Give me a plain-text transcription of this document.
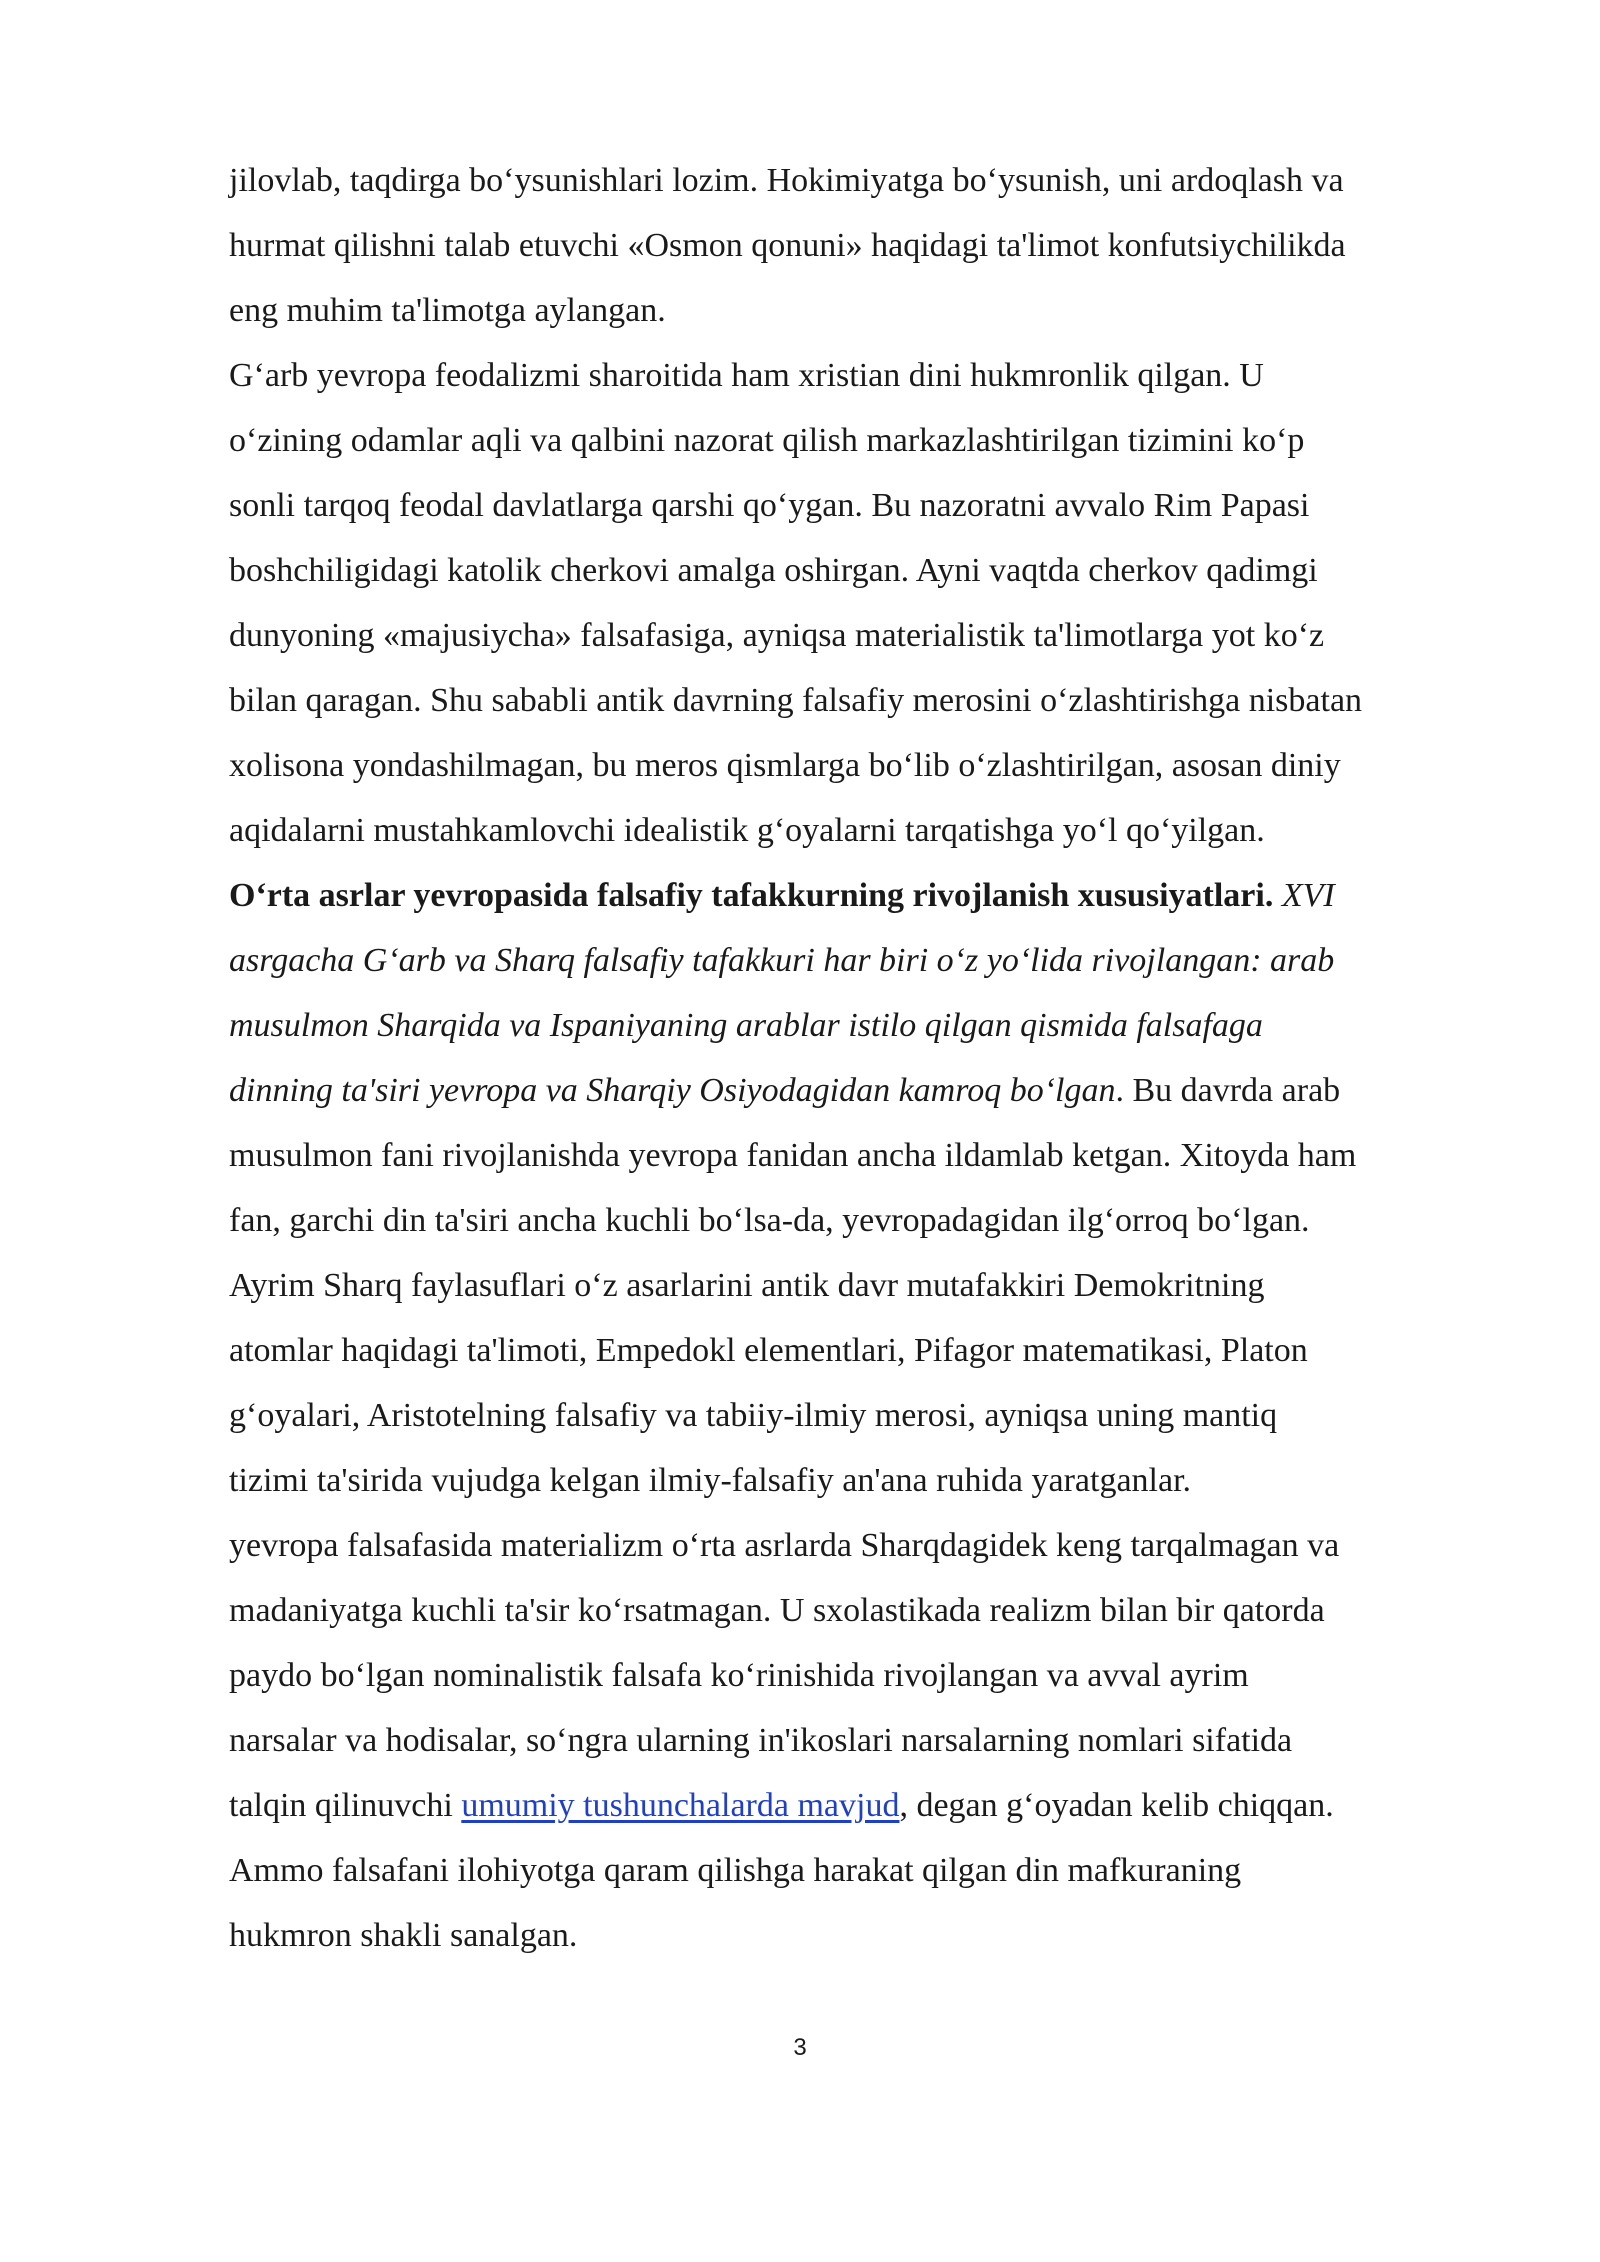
jilovlab, taqdirga bo‘ysunishlari lozim. Hokimiyatga bo‘ysunish, uni ardoqlash va
hurmat qilishni talab etuvchi «Osmon qonuni» haqidagi ta'limot konfutsiychilikda
eng muhim ta'limotga aylangan.
G‘arb yevropa feodalizmi sharoitida ham xristian dini hukmronlik qilgan. U
o‘zining odamlar aqli va qalbini nazorat qilish markazlashtirilgan tizimini ko‘p
sonli tarqoq feodal davlatlarga qarshi qo‘ygan. Bu nazoratni avvalo Rim Papasi
boshchiligidagi katolik cherkovi amalga oshirgan. Ayni vaqtda cherkov qadimgi
dunyoning «majusiycha» falsafasiga, ayniqsa materialistik ta'limotlarga yot ko‘z
bilan qaragan. Shu sababli antik davrning falsafiy merosini o‘zlashtirishga nisbatan
xolisona yondashilmagan, bu meros qismlarga bo‘lib o‘zlashtirilgan, asosan diniy
aqidalarni mustahkamlovchi idealistik g‘oyalarni tarqatishga yo‘l qo‘yilgan.
O‘rta asrlar yevropasida falsafiy tafakkurning rivojlanish xususiyatlari. XVI
asrgacha G‘arb va Sharq falsafiy tafakkuri har biri o‘z yo‘lida rivojlangan: arab
musulmon Sharqida va Ispaniyaning arablar istilo qilgan qismida falsafaga
dinning ta'siri yevropa va Sharqiy Osiyodagidan kamroq bo‘lgan. Bu davrda arab
musulmon fani rivojlanishda yevropa fanidan ancha ildamlab ketgan. Xitoyda ham
fan, garchi din ta'siri ancha kuchli bo‘lsa-da, yevropadagidan ilg‘orroq bo‘lgan.
Ayrim Sharq faylasuflari o‘z asarlarini antik davr mutafakkiri Demokritning
atomlar haqidagi ta'limoti, Empedokl elementlari, Pifagor matematikasi, Platon
g‘oyalari, Aristotelning falsafiy va tabiiy-ilmiy merosi, ayniqsa uning mantiq
tizimi ta'sirida vujudga kelgan ilmiy-falsafiy an'ana ruhida yaratganlar.
yevropa falsafasida materializm o‘rta asrlarda Sharqdagidek keng tarqalmagan va
madaniyatga kuchli ta'sir ko‘rsatmagan. U sxolastikada realizm bilan bir qatorda
paydo bo‘lgan nominalistik falsafa ko‘rinishida rivojlangan va avval ayrim
narsalar va hodisalar, so‘ngra ularning in'ikoslari narsalarning nomlari sifatida
talqin qilinuvchi umumiy tushunchalarda mavjud, degan g‘oyadan kelib chiqqan.
Ammo falsafani ilohiyotga qaram qilishga harakat qilgan din mafkuraning
hukmron shakli sanalgan.
3
